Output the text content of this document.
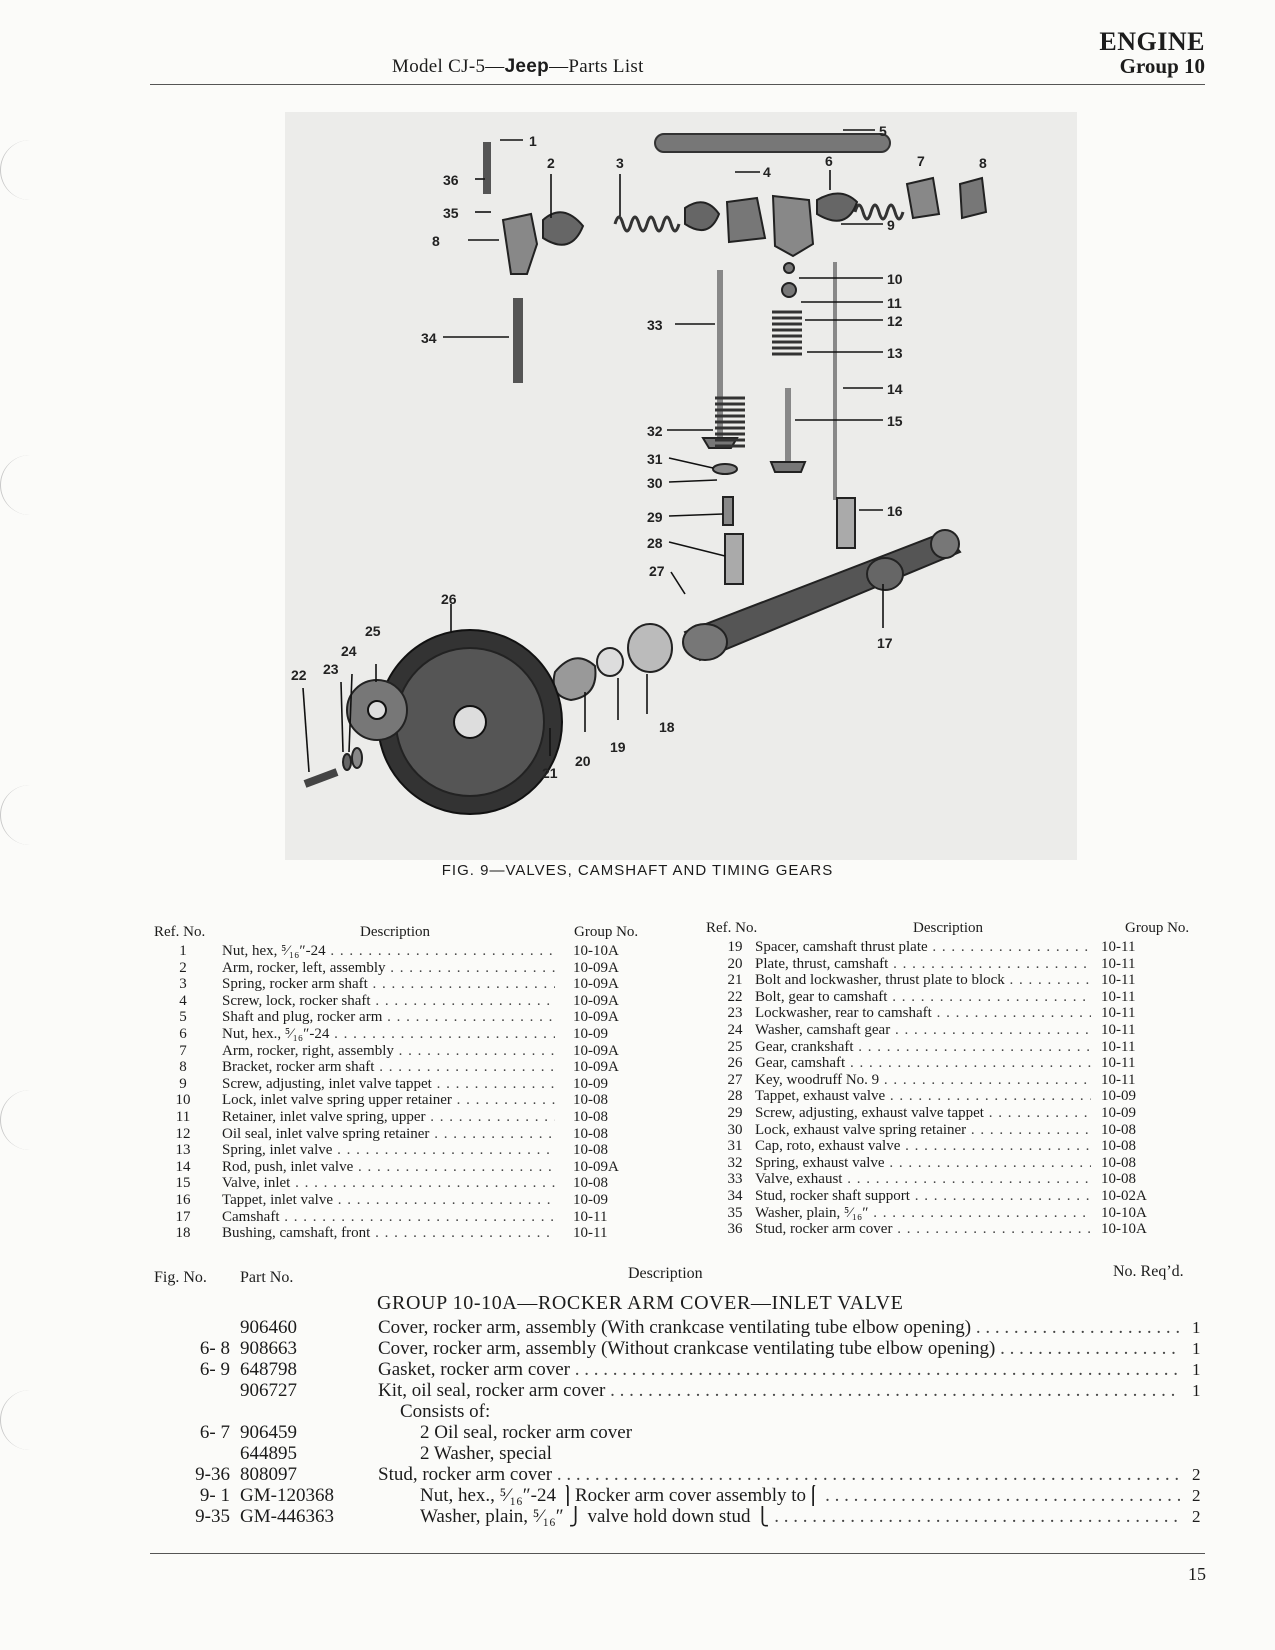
Model CJ-5—Jeep—Parts List
ENGINE
Group 10
1
2	3
4
5
6	7	8
8
9
10
11
12
13
14
15
16
17
18
19
20
21
22 23
24
25
26
27
28
29
30
31
32
33
34
35
36
FIG. 9—VALVES, CAMSHAFT AND TIMING GEARS
Ref. No.	Description	Group No.	Ref. No.	Description	Group No.
1	Nut, hex, ⁵⁄₁₆″-24 . . .	10-10A
2	Arm, rocker, left, assembly . . .	10-09A
3	Spring, rocker arm shaft . . .	10-09A
4	Screw, lock, rocker shaft . . .	10-09A
5	Shaft and plug, rocker arm . . .	10-09A
6	Nut, hex., ⁵⁄₁₆″-24 . . .	10-09
7	Arm, rocker, right, assembly . . .	10-09A
8	Bracket, rocker arm shaft . . .	10-09A
9	Screw, adjusting, inlet valve tappet . . .	10-09
10	Lock, inlet valve spring upper retainer . . .	10-08
11	Retainer, inlet valve spring, upper . . .	10-08
12	Oil seal, inlet valve spring retainer . . .	10-08
13	Spring, inlet valve . . .	10-08
14	Rod, push, inlet valve . . .	10-09A
15	Valve, inlet . . .	10-08
16	Tappet, inlet valve . . .	10-09
17	Camshaft . . .	10-11
18	Bushing, camshaft, front . . .	10-11
19 Spacer, camshaft thrust plate . . .	10-11
20 Plate, thrust, camshaft . . .	10-11
21 Bolt and lockwasher, thrust plate to block . . .	10-11
22 Bolt, gear to camshaft . . .	10-11
23 Lockwasher, rear to camshaft . . .	10-11
24 Washer, camshaft gear . . .	10-11
25 Gear, crankshaft . . .	10-11
26 Gear, camshaft . . .	10-11
27 Key, woodruff No. 9 . . .	10-11
28 Tappet, exhaust valve . . .	10-09
29 Screw, adjusting, exhaust valve tappet . . .	10-09
30 Lock, exhaust valve spring retainer . . .	10-08
31 Cap, roto, exhaust valve . . .	10-08
32 Spring, exhaust valve . . .	10-08
33 Valve, exhaust . . .	10-08
34 Stud, rocker shaft support . . .	10-02A
35 Washer, plain, ⁵⁄₁₆″ . . .	10-10A
36 Stud, rocker arm cover . . .	10-10A
Fig. No. Part No.	Description	No. Req’d.
GROUP 10-10A—ROCKER ARM COVER—INLET VALVE
906460	Cover, rocker arm, assembly (With crankcase ventilating tube elbow opening) . . .	1
6- 8 908663	Cover, rocker arm, assembly (Without crankcase ventilating tube elbow opening) . . .	1
6- 9 648798	Gasket, rocker arm cover . . .	1
906727	Kit, oil seal, rocker arm cover . . .	1
Consists of:
6- 7 906459	2 Oil seal, rocker arm cover
644895	2 Washer, special
9-36 808097	Stud, rocker arm cover . . .	2
9- 1 GM-120368	Nut, hex., ⁵⁄₁₆″-24 ⎫Rocker arm cover assembly to⎧ . . .	2
9-35 GM-446363	Washer, plain, ⁵⁄₁₆″ ⎭ valve hold down stud ⎩ . . .	2
15
